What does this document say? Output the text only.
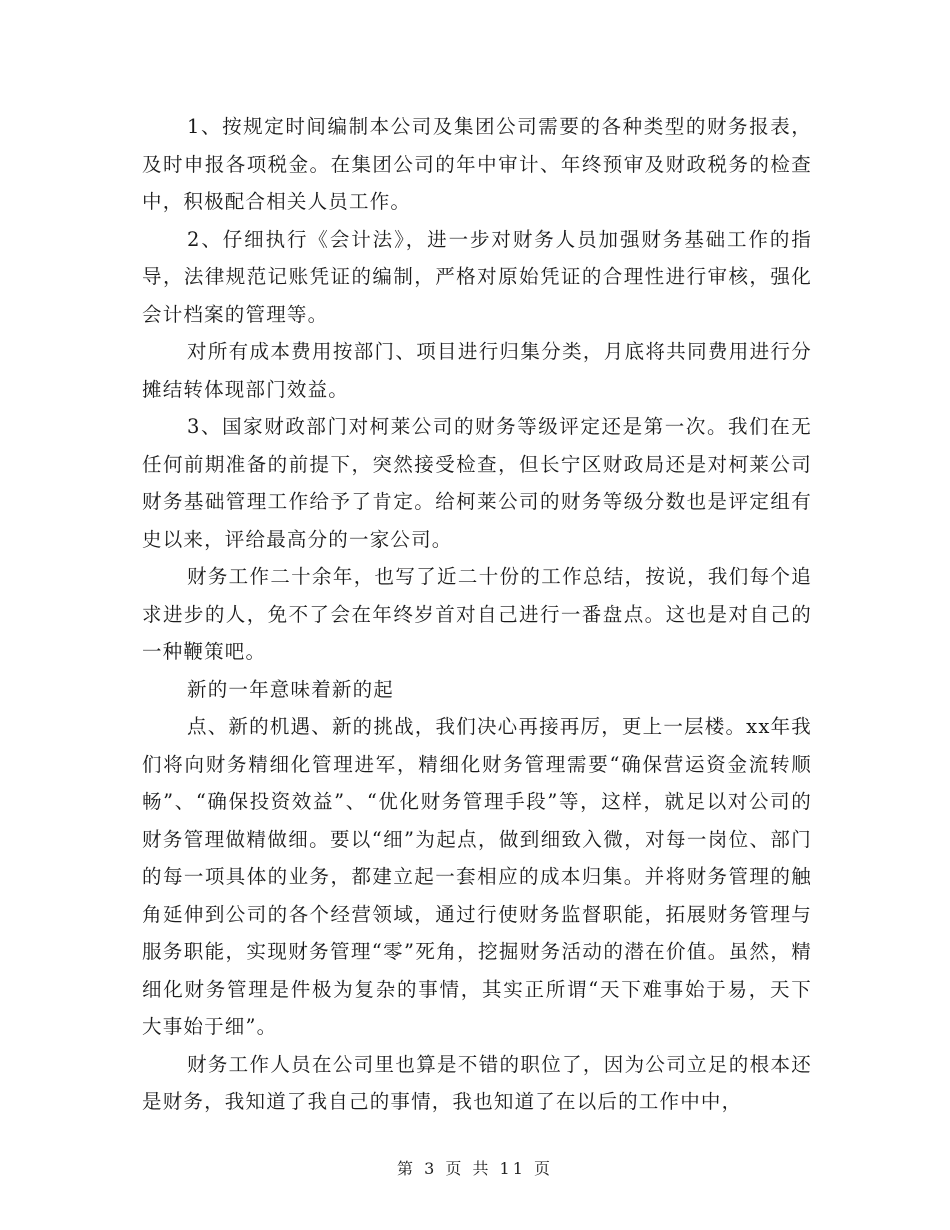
1、按规定时间编制本公司及集团公司需要的各种类型的财务报表，及时申报各项税金。在集团公司的年中审计、年终预审及财政税务的检查中，积极配合相关人员工作。

2、仔细执行《会计法》，进一步对财务人员加强财务基础工作的指导，法律规范记账凭证的编制，严格对原始凭证的合理性进行审核，强化会计档案的管理等。

对所有成本费用按部门、项目进行归集分类，月底将共同费用进行分摊结转体现部门效益。

3、国家财政部门对柯莱公司的财务等级评定还是第一次。我们在无任何前期准备的前提下，突然接受检查，但长宁区财政局还是对柯莱公司财务基础管理工作给予了肯定。给柯莱公司的财务等级分数也是评定组有史以来，评给最高分的一家公司。

财务工作二十余年，也写了近二十份的工作总结，按说，我们每个追求进步的人，免不了会在年终岁首对自己进行一番盘点。这也是对自己的一种鞭策吧。

新的一年意味着新的起

点、新的机遇、新的挑战，我们决心再接再厉，更上一层楼。xx年我们将向财务精细化管理进军，精细化财务管理需要“确保营运资金流转顺畅”、“确保投资效益”、“优化财务管理手段”等，这样，就足以对公司的财务管理做精做细。要以“细”为起点，做到细致入微，对每一岗位、部门的每一项具体的业务，都建立起一套相应的成本归集。并将财务管理的触角延伸到公司的各个经营领域，通过行使财务监督职能，拓展财务管理与服务职能，实现财务管理“零”死角，挖掘财务活动的潜在价值。虽然，精细化财务管理是件极为复杂的事情，其实正所谓“天下难事始于易，天下大事始于细”。

财务工作人员在公司里也算是不错的职位了，因为公司立足的根本还是财务，我知道了我自己的事情，我也知道了在以后的工作中中，

第 3 页 共 11 页
